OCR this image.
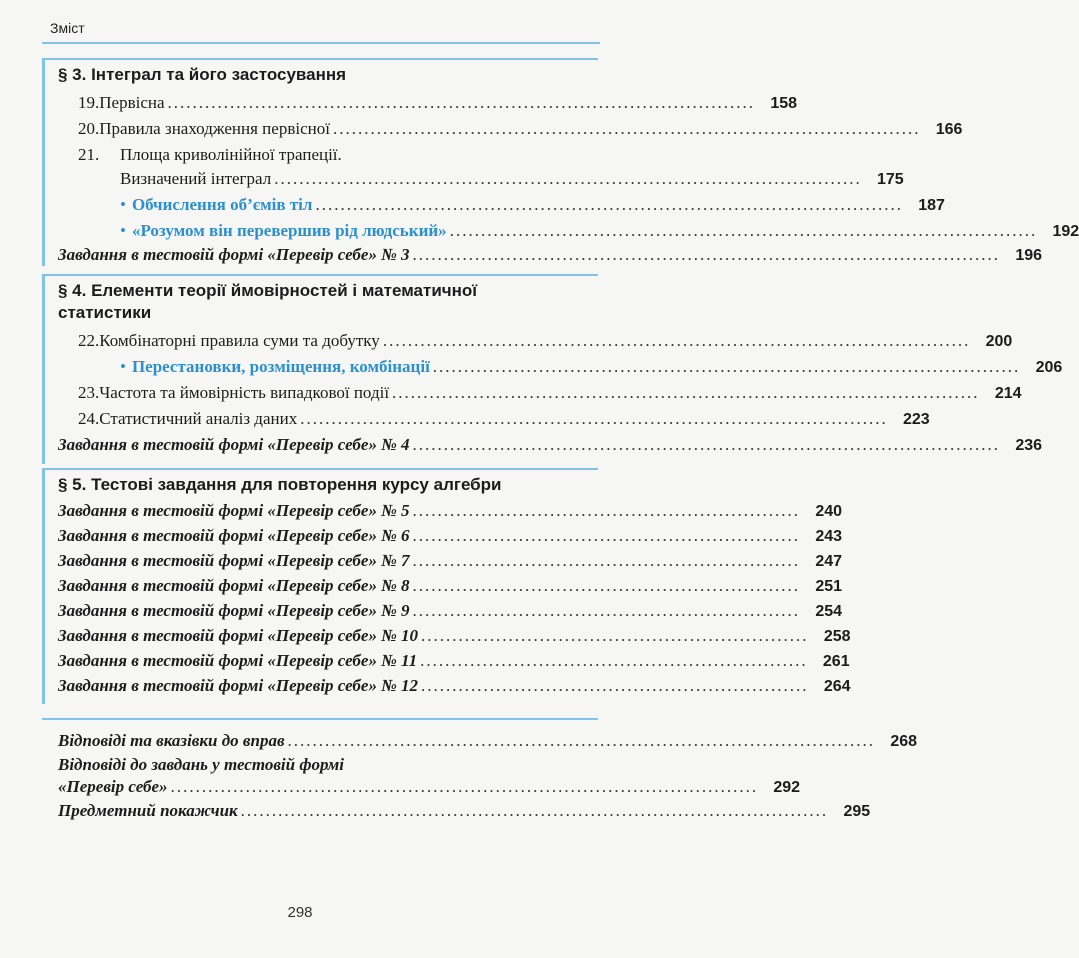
Зміст
§ 3. Інтеграл та його застосування
19. Первісна .............................................................................................. 158
20. Правила знаходження первісної .............................................................................................. 166
21. Площа криволінійної трапеції.
Визначений інтеграл .............................................................................................. 175
• Обчислення об’ємів тіл .............................................................................................. 187
• «Розумом він перевершив рід людський» .............................................................................................. 192
Завдання в тестовій формі «Перевір себе» № 3 .............................................................................................. 196
§ 4. Елементи теорії ймовірностей і математичної
статистики
22. Комбінаторні правила суми та добутку .............................................................................................. 200
• Перестановки, розміщення, комбінації .............................................................................................. 206
23. Частота та ймовірність випадкової події .............................................................................................. 214
24. Статистичний аналіз даних .............................................................................................. 223
Завдання в тестовій формі «Перевір себе» № 4 .............................................................................................. 236
§ 5. Тестові завдання для повторення курсу алгебри
Завдання в тестовій формі «Перевір себе» № 5 .............................................................. 240
Завдання в тестовій формі «Перевір себе» № 6 .............................................................. 243
Завдання в тестовій формі «Перевір себе» № 7 .............................................................. 247
Завдання в тестовій формі «Перевір себе» № 8 .............................................................. 251
Завдання в тестовій формі «Перевір себе» № 9 .............................................................. 254
Завдання в тестовій формі «Перевір себе» № 10 .............................................................. 258
Завдання в тестовій формі «Перевір себе» № 11 .............................................................. 261
Завдання в тестовій формі «Перевір себе» № 12 .............................................................. 264
Відповіді та вказівки до вправ .............................................................................................. 268
Відповіді до завдань у тестовій формі
«Перевір себе» .............................................................................................. 292
Предметний покажчик .............................................................................................. 295
298
